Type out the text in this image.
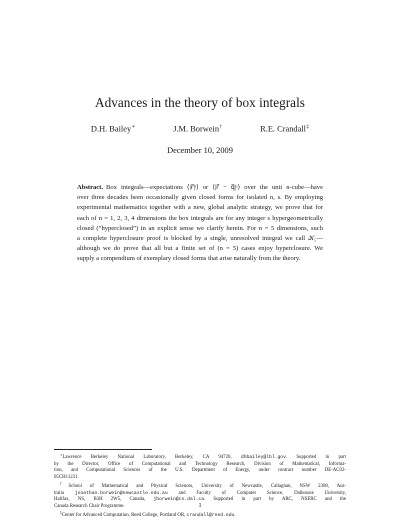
Advances in the theory of box integrals
D.H. Bailey∗	J.M. Borwein†	R.E. Crandall‡
December 10, 2009
Abstract. Box integrals—expectations ⟨|r⃗|ˢ⟩ or ⟨|r⃗ − q⃗|ˢ⟩ over the unit n-cube—have
over three decades been occasionally given closed forms for isolated n, s. By employing
experimental mathematics together with a new, global analytic strategy, we prove that for
each of n = 1, 2, 3, 4 dimensions the box integrals are for any integer s hypergeometrically
closed (“hyperclosed”) in an explicit sense we clarify herein. For n = 5 dimensions, such
a complete hyperclosure proof is blocked by a single, unresolved integral we call 𝒦₅—
although we do prove that all but a finite set of (n = 5) cases enjoy hyperclosure. We
supply a compendium of exemplary closed forms that arise naturally from the theory.
∗Lawrence Berkeley National Laboratory, Berkeley, CA 94720, dhbailey@lbl.gov. Supported in part
by the Director, Office of Computational and Technology Research, Division of Mathematical, Informa-
tion, and Computational Sciences of the U.S. Department of Energy, under contract number DE-AC02-
05CH11231.
†School of Mathematical and Physical Sciences, University of Newcastle, Callaghan, NSW 2308, Aus-
tralia jonathan.borwein@newcastle.edu.au and Faculty of Computer Science, Dalhousie University,
Halifax, NS, B3H 2W5, Canada, jborwein@cs.dal.ca. Supported in part by ARC, NSERC and the
Canada Research Chair Programme.
‡Center for Advanced Computation, Reed College, Portland OR, crandall@reed.edu.
1
